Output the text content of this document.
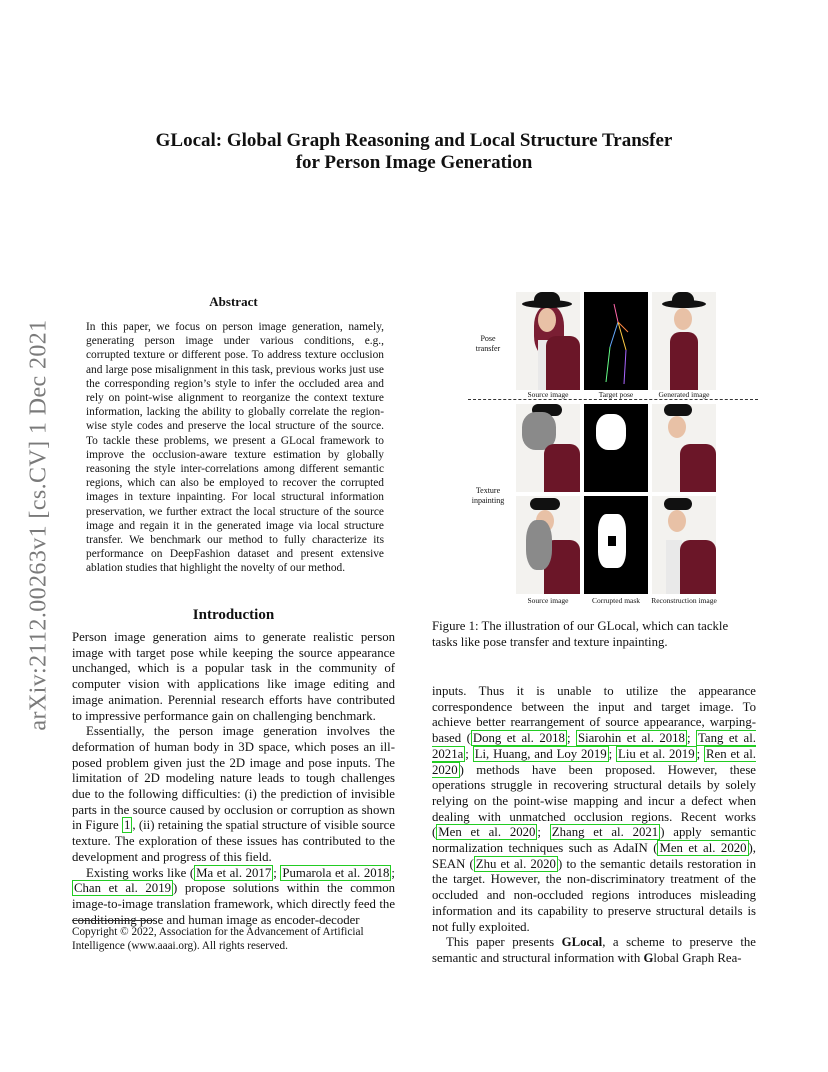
arXiv:2112.00263v1 [cs.CV] 1 Dec 2021
GLocal: Global Graph Reasoning and Local Structure Transfer
for Person Image Generation
Abstract
In this paper, we focus on person image generation, namely, generating person image under various conditions, e.g., corrupted texture or different pose. To address texture occlusion and large pose misalignment in this task, previous works just use the corresponding region’s style to infer the occluded area and rely on point-wise alignment to reorganize the context texture information, lacking the ability to globally correlate the region-wise style codes and preserve the local structure of the source. To tackle these problems, we present a GLocal framework to improve the occlusion-aware texture estimation by globally reasoning the style inter-correlations among different semantic regions, which can also be employed to recover the corrupted images in texture inpainting. For local structural information preservation, we further extract the local structure of the source image and regain it in the generated image via local structure transfer. We benchmark our method to fully characterize its performance on DeepFashion dataset and present extensive ablation studies that highlight the novelty of our method.
Introduction

Person image generation aims to generate realistic person image with target pose while keeping the source appearance unchanged, which is a popular task in the community of computer vision with applications like image editing and image animation. Perennial research efforts have contributed to impressive performance gain on challenging benchmark.

Essentially, the person image generation involves the deformation of human body in 3D space, which poses an ill-posed problem given just the 2D image and pose inputs. The limitation of 2D modeling nature leads to tough challenges due to the following difficulties: (i) the prediction of invisible parts in the source caused by occlusion or corruption as shown in Figure 1 , (ii) retaining the spatial structure of visible source texture. The exploration of these issues has contributed to the development and progress of this field.

Existing works like ( Ma et al. 2017 ; Pumarola et al. 2018 ; Chan et al. 2019 ) propose solutions within the common image-to-image translation framework, which directly feed the conditioning pose and human image as encoder-decoder

Copyright © 2022, Association for the Advancement of Artificial Intelligence (www.aaai.org). All rights reserved.
Pose transfer
Texture inpainting
Source image	Target pose	Generated image
Source image	Corrupted mask	Reconstruction image
Figure 1: The illustration of our GLocal, which can tackle tasks like pose transfer and texture inpainting.

inputs. Thus it is unable to utilize the appearance correspondence between the input and target image. To achieve better rearrangement of source appearance, warping-based ( Dong et al. 2018 ; Siarohin et al. 2018 ; Tang et al. 2021a ; Li, Huang, and Loy 2019 ; Liu et al. 2019 ; Ren et al. 2020 ) methods have been proposed. However, these operations struggle in recovering structural details by solely relying on the point-wise mapping and incur a defect when dealing with unmatched occlusion regions. Recent works ( Men et al. 2020 ; Zhang et al. 2021 ) apply semantic normalization techniques such as AdaIN ( Men et al. 2020 ), SEAN ( Zhu et al. 2020 ) to the semantic details restoration in the target. However, the non-discriminatory treatment of the occluded and non-occluded regions introduces misleading information and its capability to preserve structural details is not fully exploited.

This paper presents GLocal, a scheme to preserve the semantic and structural information with Global Graph Rea-
